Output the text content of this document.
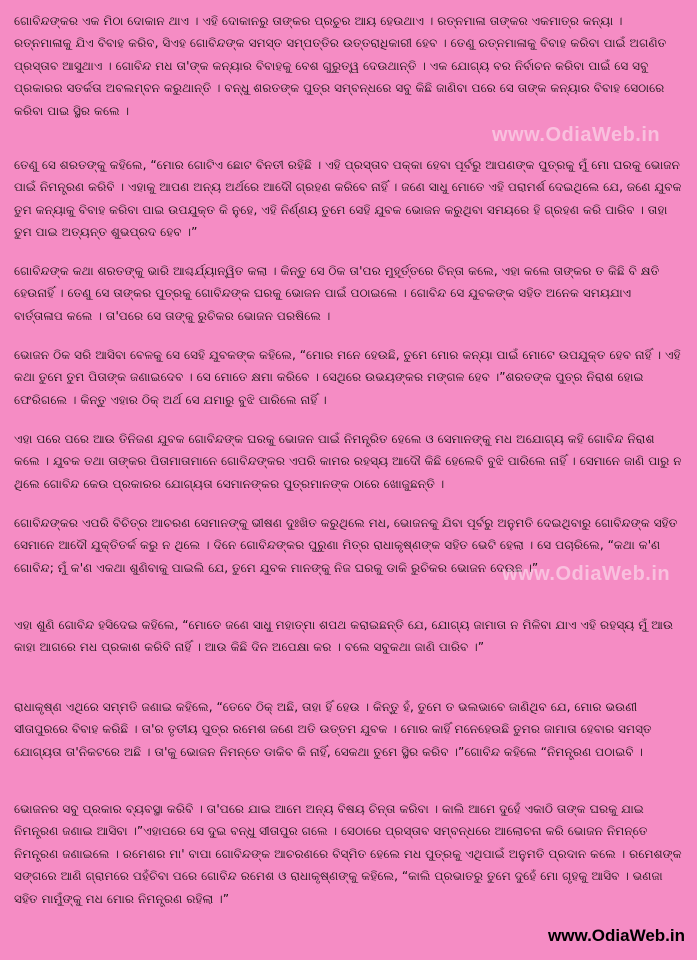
ଗୋବିନ୍ଦଙ୍କର ଏକ ମିଠା ଦୋକାନ ଥାଏ । ଏହି ଦୋକାନରୁ ତାଙ୍କର ପ୍ରଚୁର ଆୟ ହେଉଥାଏ । ରତ୍ନମାଳା ତାଙ୍କର ଏକମାତ୍ର କନ୍ୟା । ରତ୍ନମାଳାକୁ ଯିଏ ବିବାହ କରିବ, ସିଏହ ଗୋବିନ୍ଦଙ୍କ ସମସ୍ତ ସମ୍ପତ୍ତିର ଉତ୍ତରାଧିକାରୀ ହେବ । ତେଣୁ ରତ୍ନମାଳାକୁ ବିବାହ କରିବା ପାଇଁ ଅଗଣିତ ପ୍ରସ୍ତାବ ଆସୁଥାଏ । ଗୋବିନ୍ଦ ମଧ ତା'ଙ୍କ କନ୍ୟାର ବିବାହକୁ ବେଶ ଗୁରୁତ୍ୱ ଦେଉଥାନ୍ତି । ଏକ ଯୋଗ୍ୟ ବର ନିର୍ବାଚନ କରିବା ପାଇଁ ସେ ସବୁ ପ୍ରକାରର ସତର୍କତା ଅବଲମ୍ବନ କରୁଥାନ୍ତି । ବନ୍ଧୁ ଶରତଙ୍କ ପୁତ୍ର ସମ୍ବନ୍ଧରେ ସବୁ କିଛି ଜାଣିବା ପରେ ସେ ତାଙ୍କ କନ୍ୟାର ବିବାହ ସେଠାରେ କରିବା ପାଇ ସ୍ଥିର କଲେ ।

ତେଣୁ ସେ ଶରତଙ୍କୁ କହିଲେ, “ମୋର ଗୋଟିଏ ଛୋଟ ବିନତୀ ରହିଛି । ଏହି ପ୍ରସ୍ତାବ ପକ୍କା ହେବା ପୂର୍ବରୁ ଆପଣଙ୍କ ପୁତ୍ରକୁ ମୁଁ ମୋ ଘରକୁ ଭୋଜନ ପାଇଁ ନିମନ୍ତ୍ରଣ କରିବି । ଏହାକୁ ଆପଣ ଅନ୍ୟ ଅର୍ଥରେ ଆଦୌ ଗ୍ରହଣ କରିବେ ନାହିଁ । ଜଣେ ସାଧୁ ମୋତେ ଏହି ପରାମର୍ଶ ଦେଇଥିଲେ ଯେ, ଜଣେ ଯୁବକ ତୁମ କନ୍ୟାକୁ ବିବାହ କରିବା ପାଇ ଉପଯୁକ୍ତ କି ନୁହେ, ଏହି ନିର୍ଣ୍ଣୟ ତୁମେ ସେହି ଯୁବକ ଭୋଜନ କରୁଥିବା ସମୟରେ ହି ଗ୍ରହଣ କରି ପାରିବ । ତାହା ତୁମ ପାଇ ଅତ୍ୟନ୍ତ ଶୁଭପ୍ରଦ ହେବ ।”

ଗୋବିନ୍ଦଙ୍କ କଥା ଶରତଙ୍କୁ ଭାରି ଆଶ୍ଚର୍ଯ୍ୟାନ୍ୱିତ କଲା । କିନ୍ତୁ ସେ ଠିକ ତା'ପର ମୁହୂର୍ତ୍ତରେ ଚିନ୍ତା କଲେ, ଏହା କଲେ ତାଙ୍କର ତ କିଛି ବି କ୍ଷତି ହେଉନାହିଁ । ତେଣୁ ସେ ତାଙ୍କର ପୁତ୍ରକୁ ଗୋବିନ୍ଦଙ୍କ ଘରକୁ ଭୋଜନ ପାଇଁ ପଠାଇଲେ । ଗୋବିନ୍ଦ ସେ ଯୁବକଙ୍କ ସହିତ ଅନେକ ସମୟଯାଏ ବାର୍ତ୍ତାଳାପ କଲେ । ତା'ପରେ ସେ ତାଙ୍କୁ ରୁଚିକର ଭୋଜନ ପରଷିଲେ ।

ଭୋଜନ ଠିକ ସରି ଆସିବା ବେଳକୁ ସେ ସେହି ଯୁବକଙ୍କ କହିଲେ, “ମୋର ମନେ ହେଉଛି, ତୁମେ ମୋର କନ୍ୟା ପାଇଁ ମୋଟେ ଉପଯୁକ୍ତ ହେବ ନାହିଁ । ଏହି କଥା ତୁମେ ତୁମ ପିତାଙ୍କ ଜଣାଇଦେବ । ସେ ମୋତେ କ୍ଷମା କରିବେ । ସେଥିରେ ଉଭୟଙ୍କର ମଙ୍ଗଳ ହେବ ।”ଶରତଙ୍କ ପୁତ୍ର ନିରାଶ ହୋଇ ଫେରିଗଲେ । କିନ୍ତୁ ଏହାର ଠିକ୍ ଅର୍ଥ ସେ ଯମାରୁ ବୁଝି ପାରିଲେ ନାହିଁ ।

ଏହା ପରେ ପରେ ଆଉ ତିନିଜଣ ଯୁବକ ଗୋବିନ୍ଦଙ୍କ ଘରକୁ ଭୋଜନ ପାଇଁ ନିମନ୍ତ୍ରିତ ହେଲେ ଓ ସେମାନଙ୍କୁ ମଧ ଅଯୋଗ୍ୟ କହି ଗୋବିନ୍ଦ ନିରାଶ କଲେ । ଯୁବକ ତଥା ତାଙ୍କର ପିତାମାତାମାନେ ଗୋବିନ୍ଦଙ୍କର ଏପରି କାମର ରହସ୍ୟ ଆଦୌ କିଛି ହେଲେବି ବୁଝି ପାରିଲେ ନାହିଁ । ସେମାନେ ଜାଣି ପାରୁ ନ ଥିଲେ ଗୋବିନ୍ଦ କେଉ ପ୍ରକାରର ଯୋଗ୍ୟତା ସେମାନଙ୍କର ପୁତ୍ରମାନଙ୍କ ଠାରେ ଖୋଜୁଛନ୍ତି ।

ଗୋବିନ୍ଦଙ୍କର ଏପରି ବିଚିତ୍ର ଆଚରଣ ସେମାନଙ୍କୁ ଭୀଷଣ ଦୁଃଖିତ କରୁଥିଲେ ମଧ, ଭୋଜନକୁ ଯିବା ପୂର୍ବରୁ ଅନୁମତି ଦେଇଥିବାରୁ ଗୋବିନ୍ଦଙ୍କ ସହିତ ସେମାନେ ଆଦୌ ଯୁକ୍ତିତର୍କ କରୁ ନ ଥିଲେ । ଦିନେ ଗୋବିନ୍ଦଙ୍କର ପୁରୁଣା ମିତ୍ର ରାଧାକୃଷ୍ଣଙ୍କ ସହିତ ଭେଟି ହେଲା । ସେ ପଚାରିଲେ, “କଥା କ'ଣ ଗୋବିନ୍ଦ; ମୁଁ କ'ଣ ଏକଥା ଶୁଣିବାକୁ ପାଇଲି ଯେ, ତୁମେ ଯୁବକ ମାନଙ୍କୁ ନିଜ ଘରକୁ ଡାକି ରୁଚିକର ଭୋଜନ ଦେଉଛ ।”

ଏହା ଶୁଣି ଗୋବିନ୍ଦ ହସିଦେଇ କହିଲେ, “ମୋତେ ଜଣେ ସାଧୁ ମହାତ୍ମା ଶପଥ କରାଇଛନ୍ତି ଯେ, ଯୋଗ୍ୟ ଜାମାତା ନ ମିଳିବା ଯାଏ ଏହି ରହସ୍ୟ ମୁଁ ଆଉ କାହା ଆଗରେ ମଧ ପ୍ରକାଶ କରିବି ନାହିଁ । ଆଉ କିଛି ଦିନ ଅପେକ୍ଷା କର । ବଲେ ସବୁକଥା ଜାଣି ପାରିବ ।”

ରାଧାକୃଷ୍ଣ ଏଥିରେ ସମ୍ମତି ଜଣାଇ କହିଲେ, “ତେବେ ଠିକ୍ ଅଛି, ତାହା ହିଁ ହେଉ । କିନ୍ତୁ ହଁ, ତୁମେ ତ ଭଲଭାବେ ଜାଣିଥିବ ଯେ, ମୋର ଭଉଣୀ ସୀତାପୁରରେ ବିବାହ କରିଛି । ତା'ର ତୃତୀୟ ପୁତ୍ର ରମେଶ ଜଣେ ଅତି ଉତ୍ତମ ଯୁବକ । ମୋର କାହିଁ ମନେହେଉଛି ତୁମର ଜାମାତା ହେବାର ସମସ୍ତ ଯୋଗ୍ୟତା ତା'ନିକଟରେ ଅଛି । ତା'କୁ ଭୋଜନ ନିମନ୍ତେ ଡାକିବ କି ନାହିଁ, ସେକଥା ତୁମେ ସ୍ଥିର କରିବ ।”ଗୋବିନ୍ଦ କହିଲେ “ନିମନ୍ତ୍ରଣ ପଠାଇବି ।

ଭୋଜନର ସବୁ ପ୍ରକାର ବ୍ୟବସ୍ଥା କରିବି । ତା'ପରେ ଯାଇ ଆମେ ଅନ୍ୟ ବିଷୟ ଚିନ୍ତା କରିବା । କାଲି ଆମେ ଦୁହେଁ ଏକାଠି ତାଙ୍କ ଘରକୁ ଯାଇ ନିମନ୍ତ୍ରଣ ଜଣାଇ ଆସିବା ।”ଏହାପରେ ସେ ଦୁଇ ବନ୍ଧୁ ସୀତାପୁର ଗଲେ । ସେଠାରେ ପ୍ରସ୍ତାବ ସମ୍ବନ୍ଧରେ ଆଲୋଚନା କରି ଭୋଜନ ନିମନ୍ତେ ନିମନ୍ତ୍ରଣ ଜଣାଇଲେ । ରମେଶର ମା' ବାପା ଗୋବିନ୍ଦଙ୍କ ଆଚରଣରେ ବିସ୍ମିତ ହେଲେ ମଧ ପୁତ୍ରକୁ ଏଥିପାଇଁ ଅନୁମତି ପ୍ରଦାନ କଲେ । ରମେଶଙ୍କ ସଙ୍ଗରେ ଆଣି ଗ୍ରାମରେ ପହଁଚିବା ପରେ ଗୋବିନ୍ଦ ରମେଶ ଓ ରାଧାକୃଷ୍ଣଙ୍କୁ କହିଲେ, “କାଲି ପ୍ରଭାତରୁ ତୁମେ ଦୁହେଁ ମୋ ଗୃହକୁ ଆସିବ । ଭଣଜା ସହିତ ମାମୁଁଙ୍କୁ ମଧ ମୋର ନିମନ୍ତ୍ରଣ ରହିଲା ।”

www.OdiaWeb.in
www.OdiaWeb.in
www.OdiaWeb.in
